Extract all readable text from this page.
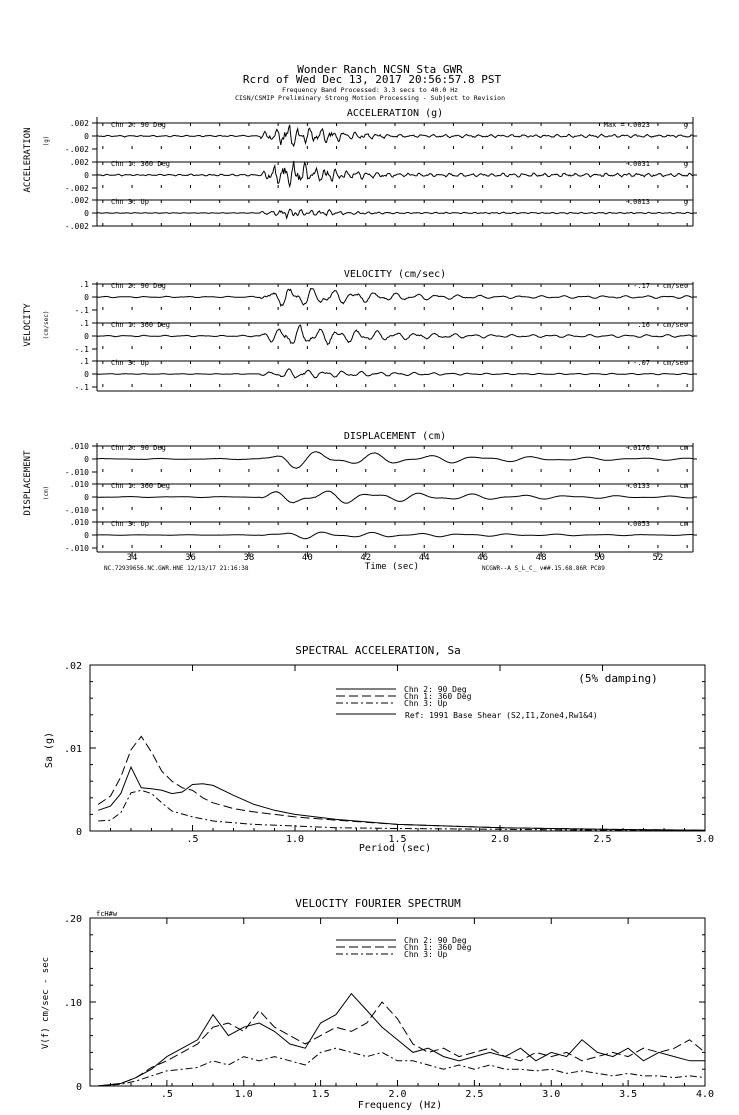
Wonder Ranch NCSN Sta GWR
Rcrd of Wed Dec 13, 2017 20:56:57.8 PST
Frequency Band Processed: 3.3 secs to 40.0 Hz
CISN/CSMIP Preliminary Strong Motion Processing - Subject to Revision
ACCELERATION (g)
ACCELERATION (g)
.002
0
-.002
Chn 2: 90 Deg	Max = .0023	g
.002
0
-.002
Chn 1: 360 Deg	-.0031	g
.002
0
-.002
Chn 3: Up	-.0013	g
VELOCITY (cm/sec)
VELOCITY (cm/sec)
.1
0
-.1
Chn 2: 90 Deg	-.17 cm/sec
.1
0
-.1
Chn 1: 360 Deg	.16 cm/sec
.1
0
-.1
Chn 3: Up	-.07 cm/sec
DISPLACEMENT (cm)
DISPLACEMENT (cm)
.010
0
-.010
Chn 2: 90 Deg	-.0176	cm
.010
0
-.010
Chn 1: 360 Deg	-.0133	cm
.010
0
-.010
Chn 3: Up	.0053	cm
Time (sec)
NC.72939656.NC.GWR.HNE 12/13/17 21:16:38	NCGWR--A S_L_C_ v##.15.68.86R PC89
34	36	38	40	42	44	46	48	50	52
SPECTRAL ACCELERATION, Sa
(5% damping)
Sa (g)
Period (sec)
Ref: 1991 Base Shear (S2,I1,Zone4,Rw1&4)
.5	1.0	1.5	2.0	2.5	3.0
.02
.01
0
Chn 2: 90 Deg
Chn 1: 360 Deg
Chn 3: Up
VELOCITY FOURIER SPECTRUM
fcH#w
V(f) cm/sec - sec
Frequency (Hz)
.5	1.0	1.5	2.0	2.5	3.0	3.5	4.0
.20
.10
0
Chn 2: 90 Deg
Chn 1: 360 Deg
Chn 3: Up
